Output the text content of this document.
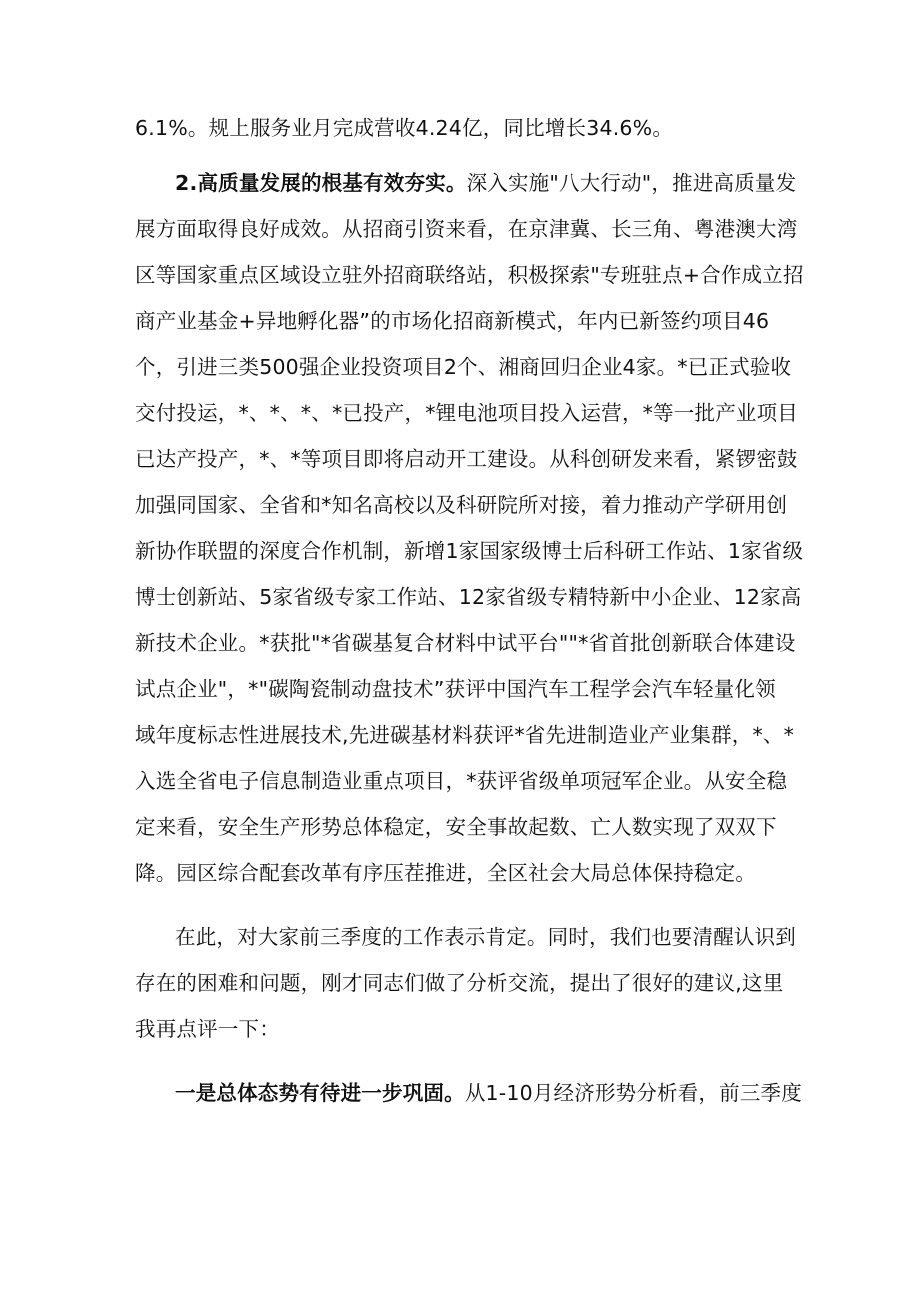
6.1%。规上服务业月完成营收4.24亿，同比增长34.6%。
2.高质量发展的根基有效夯实。深入实施"八大行动"，推进高质量发
展方面取得良好成效。从招商引资来看，在京津冀、长三角、粤港澳大湾
区等国家重点区域设立驻外招商联络站，积极探索"专班驻点+合作成立招
商产业基金+异地孵化器”的市场化招商新模式，年内已新签约项目46
个，引进三类500强企业投资项目2个、湘商回归企业4家。*已正式验收
交付投运，*、*、*、*已投产，*锂电池项目投入运营，*等一批产业项目
已达产投产，*、*等项目即将启动开工建设。从科创研发来看，紧锣密鼓
加强同国家、全省和*知名高校以及科研院所对接，着力推动产学研用创
新协作联盟的深度合作机制，新增1家国家级博士后科研工作站、1家省级
博士创新站、5家省级专家工作站、12家省级专精特新中小企业、12家高
新技术企业。*获批"*省碳基复合材料中试平台""*省首批创新联合体建设
试点企业"，*"碳陶瓷制动盘技术”获评中国汽车工程学会汽车轻量化领
域年度标志性进展技术,先进碳基材料获评*省先进制造业产业集群，*、*
入选全省电子信息制造业重点项目，*获评省级单项冠军企业。从安全稳
定来看，安全生产形势总体稳定，安全事故起数、亡人数实现了双双下
降。园区综合配套改革有序压茬推进，全区社会大局总体保持稳定。
在此，对大家前三季度的工作表示肯定。同时，我们也要清醒认识到
存在的困难和问题，刚才同志们做了分析交流，提出了很好的建议,这里
我再点评一下：
一是总体态势有待进一步巩固。从1-10月经济形势分析看，前三季度
